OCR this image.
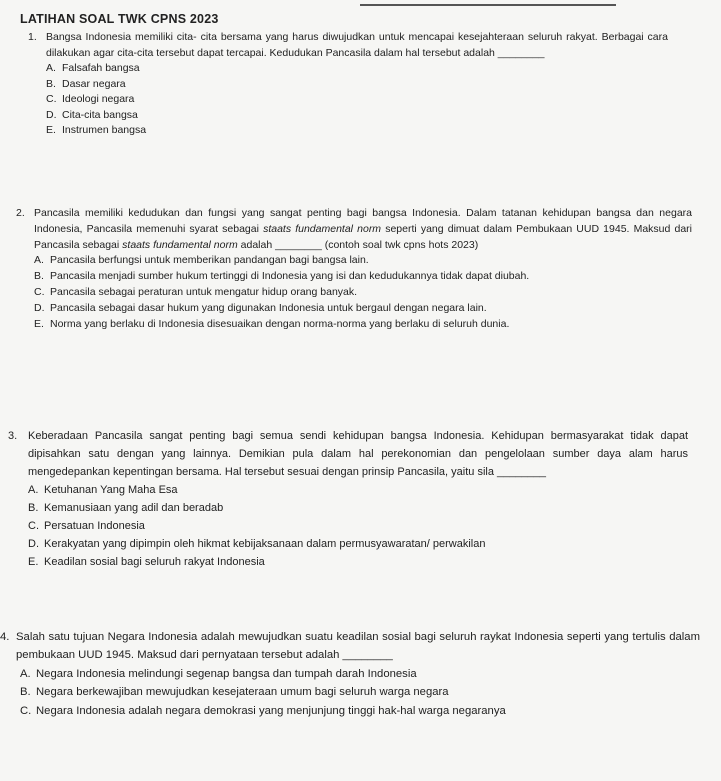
LATIHAN SOAL TWK CPNS 2023
1. Bangsa Indonesia memiliki cita- cita bersama yang harus diwujudkan untuk mencapai kesejahteraan seluruh rakyat. Berbagai cara dilakukan agar cita-cita tersebut dapat tercapai. Kedudukan Pancasila dalam hal tersebut adalah ________
A. Falsafah bangsa
B. Dasar negara
C. Ideologi negara
D. Cita-cita bangsa
E. Instrumen bangsa
2. Pancasila memiliki kedudukan dan fungsi yang sangat penting bagi bangsa Indonesia. Dalam tatanan kehidupan bangsa dan negara Indonesia, Pancasila memenuhi syarat sebagai staats fundamental norm seperti yang dimuat dalam Pembukaan UUD 1945. Maksud dari Pancasila sebagai staats fundamental norm adalah ________ (contoh soal twk cpns hots 2023)
A. Pancasila berfungsi untuk memberikan pandangan bagi bangsa lain.
B. Pancasila menjadi sumber hukum tertinggi di Indonesia yang isi dan kedudukannya tidak dapat diubah.
C. Pancasila sebagai peraturan untuk mengatur hidup orang banyak.
D. Pancasila sebagai dasar hukum yang digunakan Indonesia untuk bergaul dengan negara lain.
E. Norma yang berlaku di Indonesia disesuaikan dengan norma-norma yang berlaku di seluruh dunia.
3. Keberadaan Pancasila sangat penting bagi semua sendi kehidupan bangsa Indonesia. Kehidupan bermasyarakat tidak dapat dipisahkan satu dengan yang lainnya. Demikian pula dalam hal perekonomian dan pengelolaan sumber daya alam harus mengedepankan kepentingan bersama. Hal tersebut sesuai dengan prinsip Pancasila, yaitu sila ________
A. Ketuhanan Yang Maha Esa
B. Kemanusiaan yang adil dan beradab
C. Persatuan Indonesia
D. Kerakyatan yang dipimpin oleh hikmat kebijaksanaan dalam permusyawaratan/ perwakilan
E. Keadilan sosial bagi seluruh rakyat Indonesia
4. Salah satu tujuan Negara Indonesia adalah mewujudkan suatu keadilan sosial bagi seluruh raykat Indonesia seperti yang tertulis dalam pembukaan UUD 1945. Maksud dari pernyataan tersebut adalah ________
A. Negara Indonesia melindungi segenap bangsa dan tumpah darah Indonesia
B. Negara berkewajiban mewujudkan kesejateraan umum bagi seluruh warga negara
C. Negara Indonesia adalah negara demokrasi yang menjunjung tinggi hak-hal warga negaranya
